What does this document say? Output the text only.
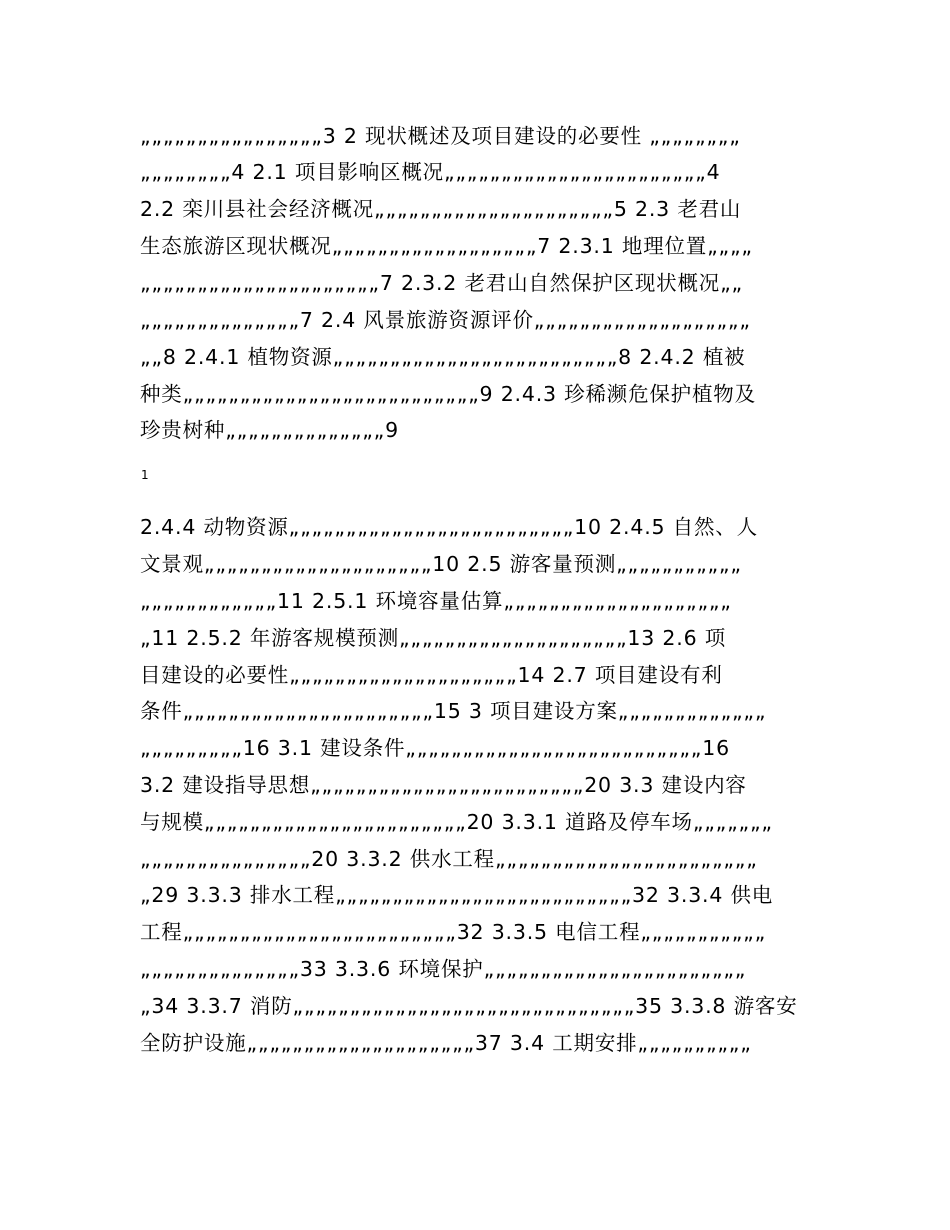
„„„„„„„„„„„„„„„„3 2 现状概述及项目建设的必要性 „„„„„„„„
„„„„„„„„4 2.1 项目影响区概况„„„„„„„„„„„„„„„„„„„„„„„4
2.2 栾川县社会经济概况„„„„„„„„„„„„„„„„„„„„„5 2.3 老君山
生态旅游区现状概况„„„„„„„„„„„„„„„„„„7 2.3.1 地理位置„„„„
„„„„„„„„„„„„„„„„„„„„„7 2.3.2 老君山自然保护区现状概况„„
„„„„„„„„„„„„„„7 2.4 风景旅游资源评价„„„„„„„„„„„„„„„„„„„
„„8 2.4.1 植物资源„„„„„„„„„„„„„„„„„„„„„„„„„8 2.4.2 植被
种类„„„„„„„„„„„„„„„„„„„„„„„„„„9 2.4.3 珍稀濒危保护植物及
珍贵树种„„„„„„„„„„„„„„9
1
2.4.4 动物资源„„„„„„„„„„„„„„„„„„„„„„„„„10 2.4.5 自然、人
文景观„„„„„„„„„„„„„„„„„„„„10 2.5 游客量预测„„„„„„„„„„„
„„„„„„„„„„„„11 2.5.1 环境容量估算„„„„„„„„„„„„„„„„„„„„
„11 2.5.2 年游客规模预测„„„„„„„„„„„„„„„„„„„„13 2.6 项
目建设的必要性„„„„„„„„„„„„„„„„„„„„14 2.7 项目建设有利
条件„„„„„„„„„„„„„„„„„„„„„„15 3 项目建设方案„„„„„„„„„„„„„
„„„„„„„„„16 3.1 建设条件„„„„„„„„„„„„„„„„„„„„„„„„„„16
3.2 建设指导思想„„„„„„„„„„„„„„„„„„„„„„„„20 3.3 建设内容
与规模„„„„„„„„„„„„„„„„„„„„„„„20 3.3.1 道路及停车场„„„„„„„
„„„„„„„„„„„„„„„20 3.3.2 供水工程„„„„„„„„„„„„„„„„„„„„„„„
„29 3.3.3 排水工程„„„„„„„„„„„„„„„„„„„„„„„„„„32 3.3.4 供电
工程„„„„„„„„„„„„„„„„„„„„„„„„32 3.3.5 电信工程„„„„„„„„„„„
„„„„„„„„„„„„„„33 3.3.6 环境保护„„„„„„„„„„„„„„„„„„„„„„„
„34 3.3.7 消防„„„„„„„„„„„„„„„„„„„„„„„„„„„„„„35 3.3.8 游客安
全防护设施„„„„„„„„„„„„„„„„„„„„37 3.4 工期安排„„„„„„„„„„
